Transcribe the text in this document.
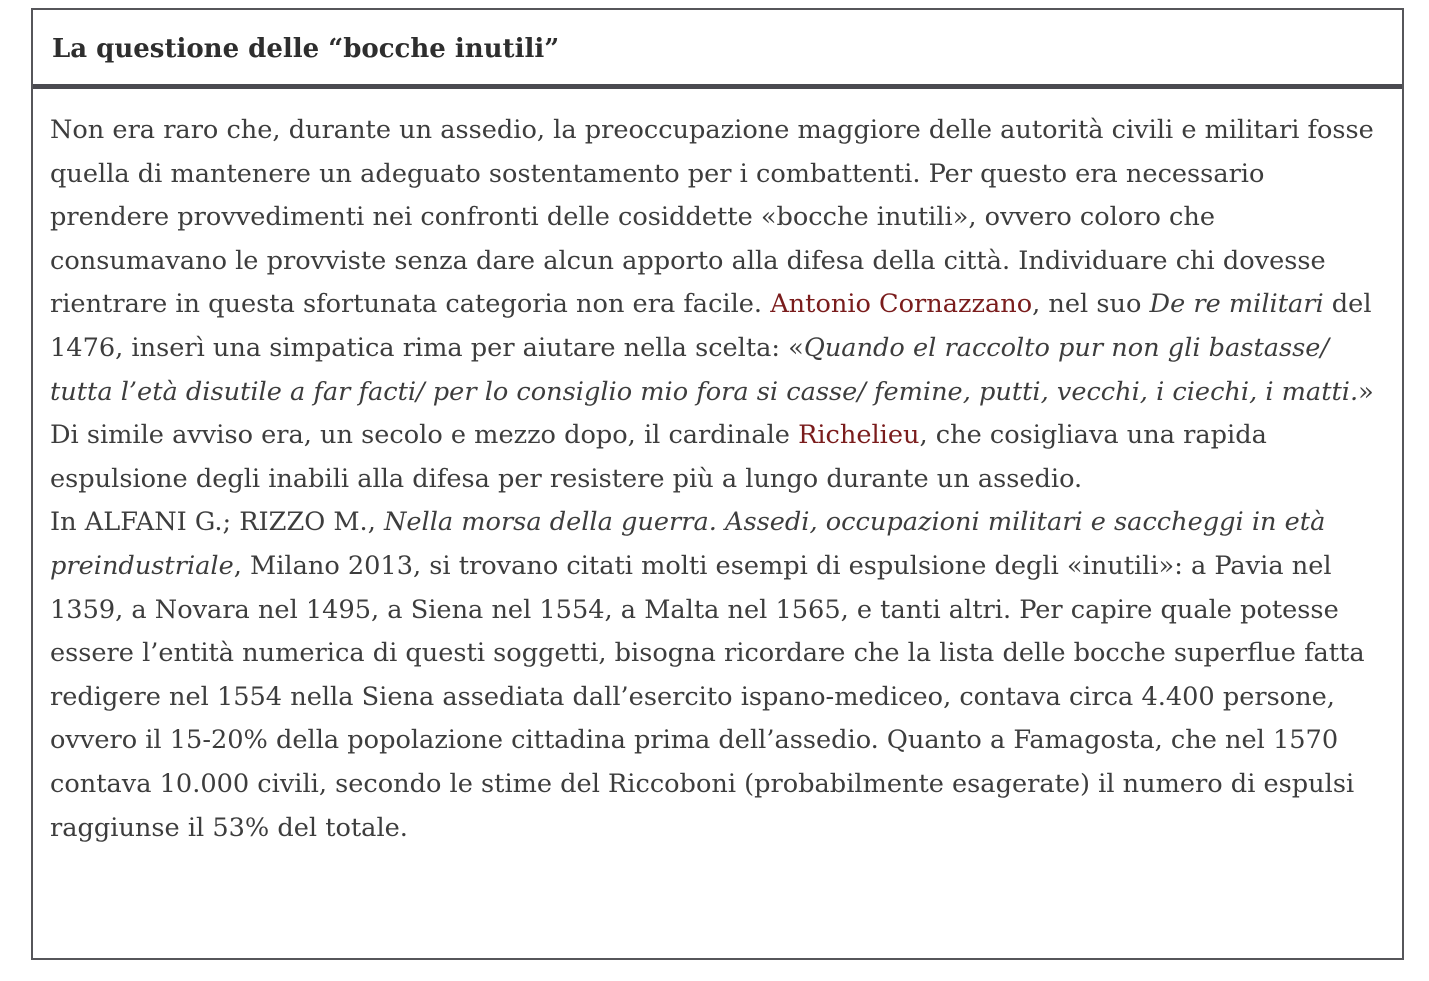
La questione delle “bocche inutili”

Non era raro che, durante un assedio, la preoccupazione maggiore delle autorità civili e militari fosse quella di mantenere un adeguato sostentamento per i combattenti. Per questo era necessario prendere provvedimenti nei confronti delle cosiddette «bocche inutili», ovvero coloro che consumavano le provviste senza dare alcun apporto alla difesa della città. Individuare chi dovesse rientrare in questa sfortunata categoria non era facile. Antonio Cornazzano, nel suo De re militari del 1476, inserì una simpatica rima per aiutare nella scelta: «Quando el raccolto pur non gli bastasse/ tutta l’età disutile a far facti/ per lo consiglio mio fora si casse/ femine, putti, vecchi, i ciechi, i matti.»

Di simile avviso era, un secolo e mezzo dopo, il cardinale Richelieu, che cosigliava una rapida espulsione degli inabili alla difesa per resistere più a lungo durante un assedio.

In ALFANI G.; RIZZO M., Nella morsa della guerra. Assedi, occupazioni militari e saccheggi in età preindustriale, Milano 2013, si trovano citati molti esempi di espulsione degli «inutili»: a Pavia nel 1359, a Novara nel 1495, a Siena nel 1554, a Malta nel 1565, e tanti altri. Per capire quale potesse essere l’entità numerica di questi soggetti, bisogna ricordare che la lista delle bocche superflue fatta redigere nel 1554 nella Siena assediata dall’esercito ispano-mediceo, contava circa 4.400 persone, ovvero il 15-20% della popolazione cittadina prima dell’assedio. Quanto a Famagosta, che nel 1570 contava 10.000 civili, secondo le stime del Riccoboni (probabilmente esagerate) il numero di espulsi raggiunse il 53% del totale.
